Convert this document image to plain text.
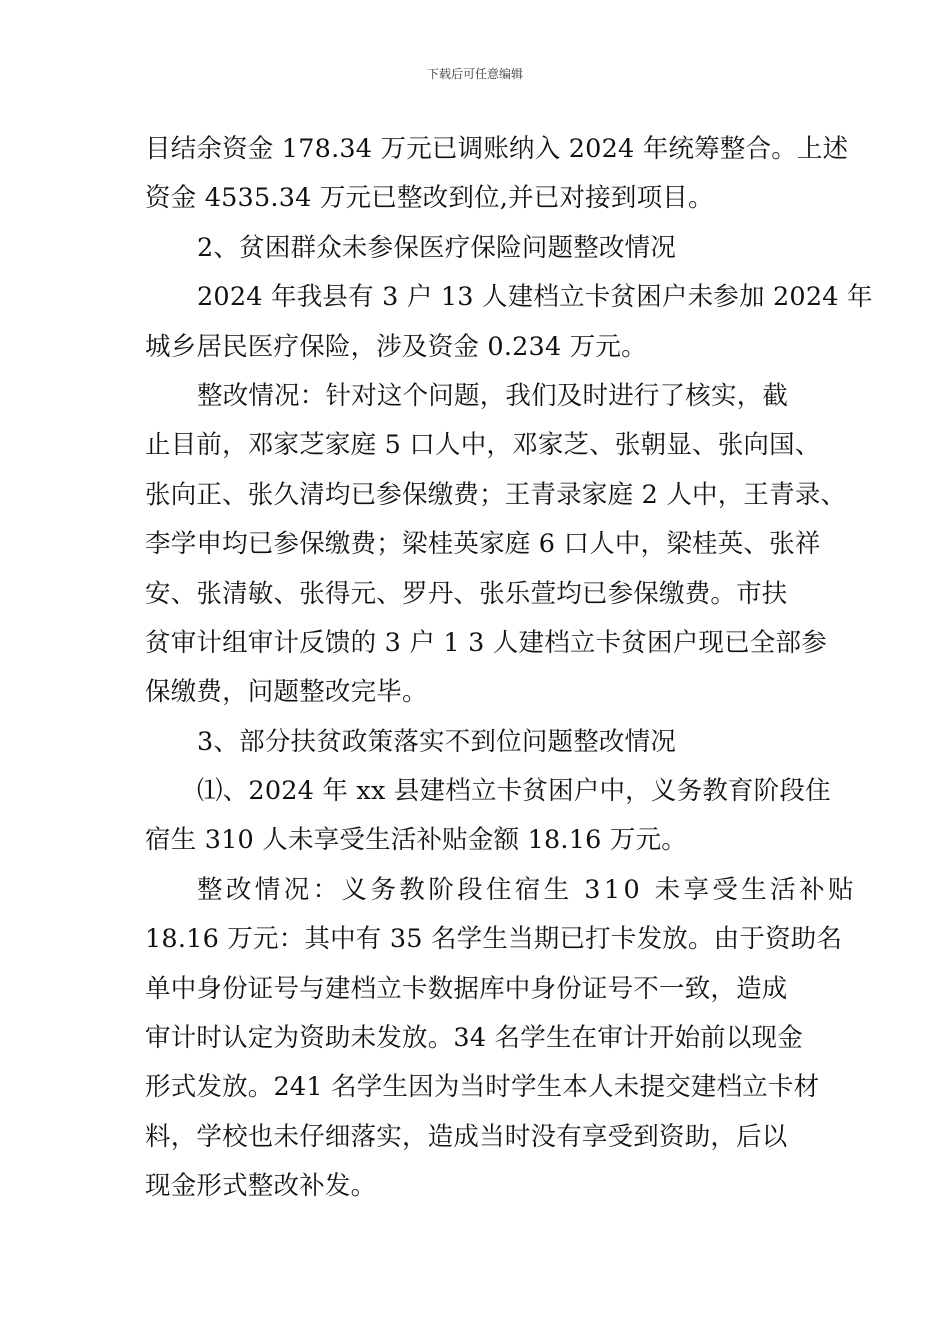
下载后可任意编辑
目结余资金 178.34 万元已调账纳入 2024 年统筹整合。上述
资金 4535.34 万元已整改到位,并已对接到项目。
2、贫困群众未参保医疗保险问题整改情况
2024 年我县有 3 户 13 人建档立卡贫困户未参加 2024 年
城乡居民医疗保险，涉及资金 0.234 万元。
整改情况：针对这个问题，我们及时进行了核实，截
止目前，邓家芝家庭 5 口人中，邓家芝、张朝显、张向国、
张向正、张久清均已参保缴费；王青录家庭 2 人中，王青录、
李学申均已参保缴费；梁桂英家庭 6 口人中，梁桂英、张祥
安、张清敏、张得元、罗丹、张乐萱均已参保缴费。市扶
贫审计组审计反馈的 3 户 1 3 人建档立卡贫困户现已全部参
保缴费，问题整改完毕。
3、部分扶贫政策落实不到位问题整改情况
⑴、2024 年 xx 县建档立卡贫困户中，义务教育阶段住
宿生 310 人未享受生活补贴金额 18.16 万元。
整改情况：义务教阶段住宿生 310 未享受生活补贴
18.16 万元：其中有 35 名学生当期已打卡发放。由于资助名
单中身份证号与建档立卡数据库中身份证号不一致，造成
审计时认定为资助未发放。34 名学生在审计开始前以现金
形式发放。241 名学生因为当时学生本人未提交建档立卡材
料，学校也未仔细落实，造成当时没有享受到资助，后以
现金形式整改补发。
